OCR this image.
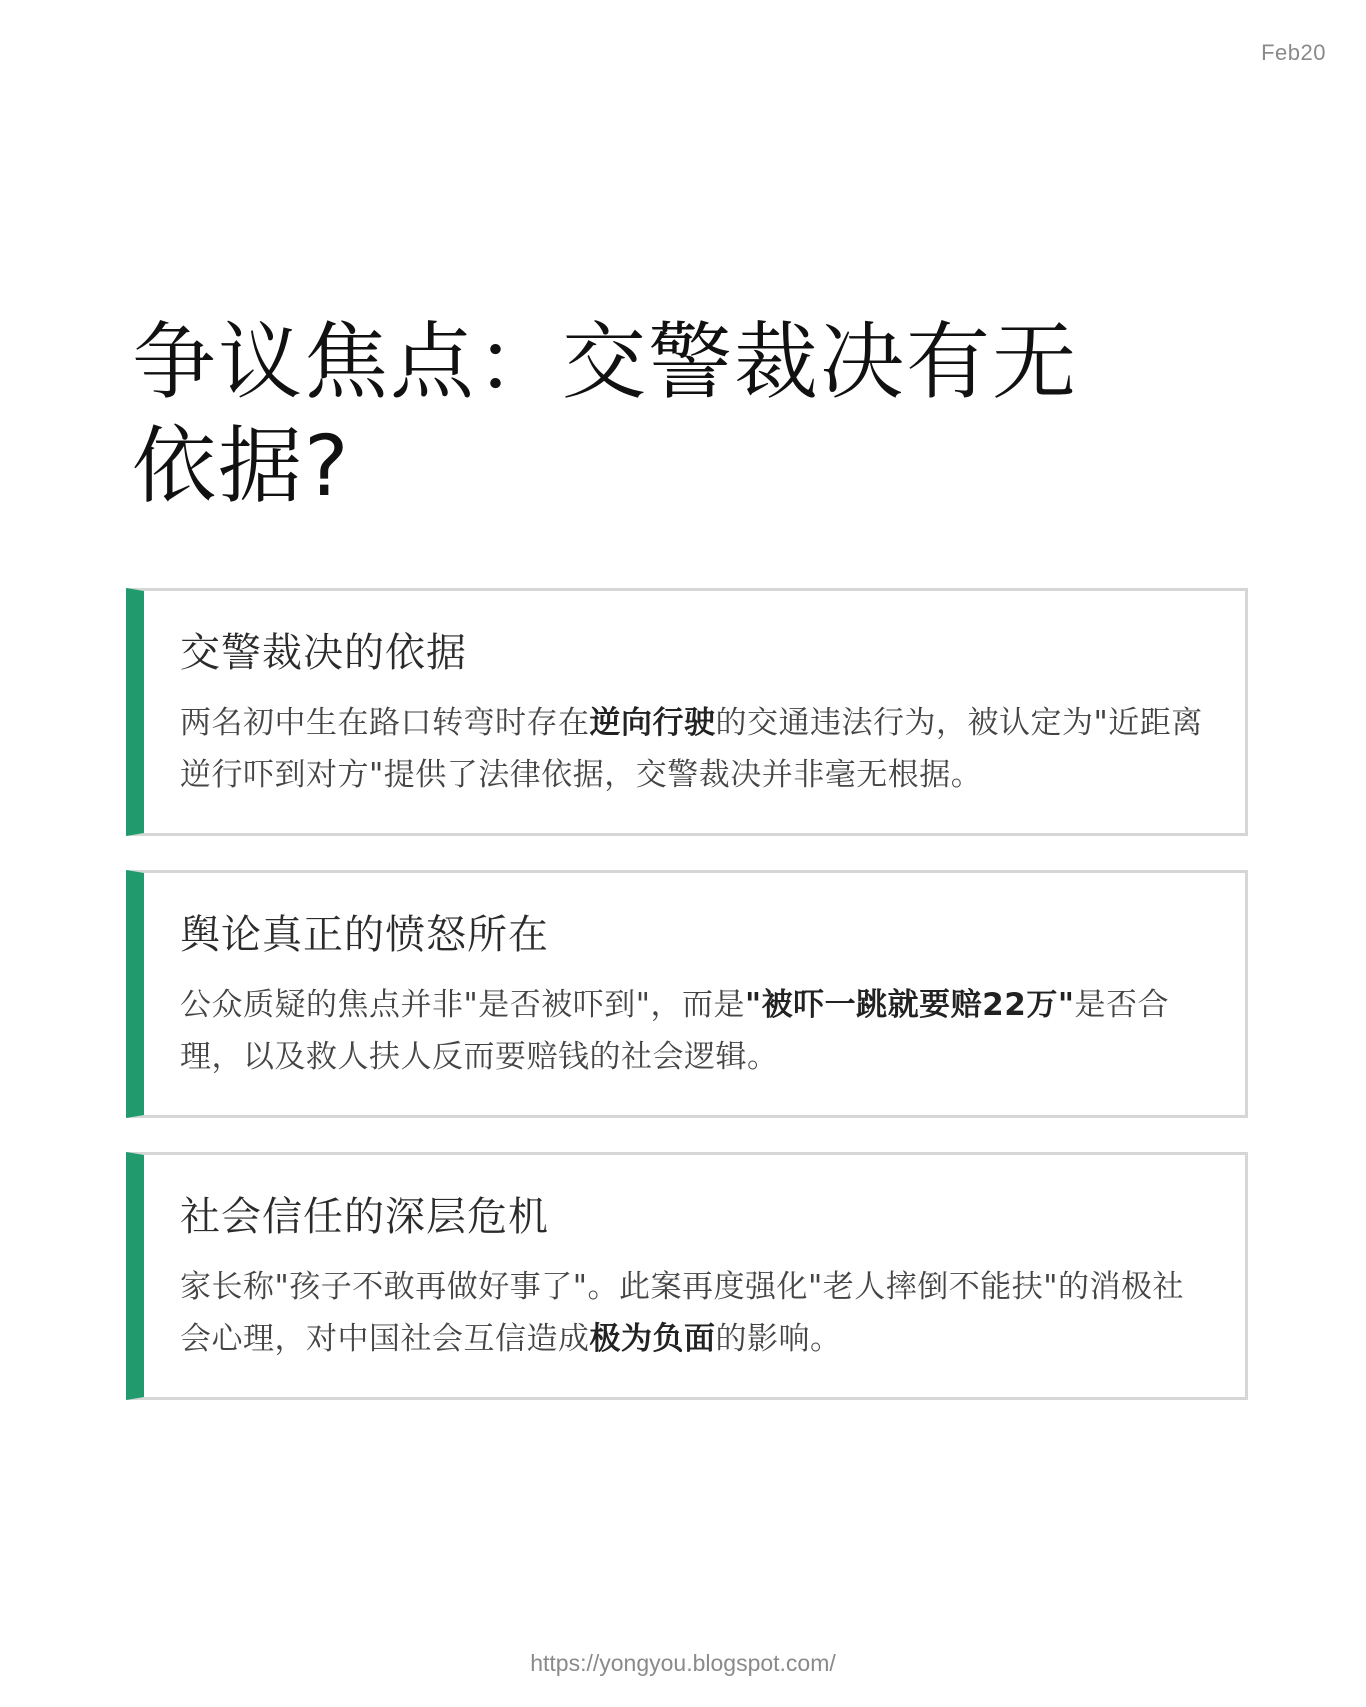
Feb20
争议焦点：交警裁决有无依据?
交警裁决的依据

两名初中生在路口转弯时存在逆向行驶的交通违法行为，被认定为"近距离逆行吓到对方"提供了法律依据，交警裁决并非毫无根据。

舆论真正的愤怒所在

公众质疑的焦点并非"是否被吓到"，而是"被吓一跳就要赔22万"是否合理，以及救人扶人反而要赔钱的社会逻辑。

社会信任的深层危机

家长称"孩子不敢再做好事了"。此案再度强化"老人摔倒不能扶"的消极社会心理，对中国社会互信造成极为负面的影响。

https://yongyou.blogspot.com/
